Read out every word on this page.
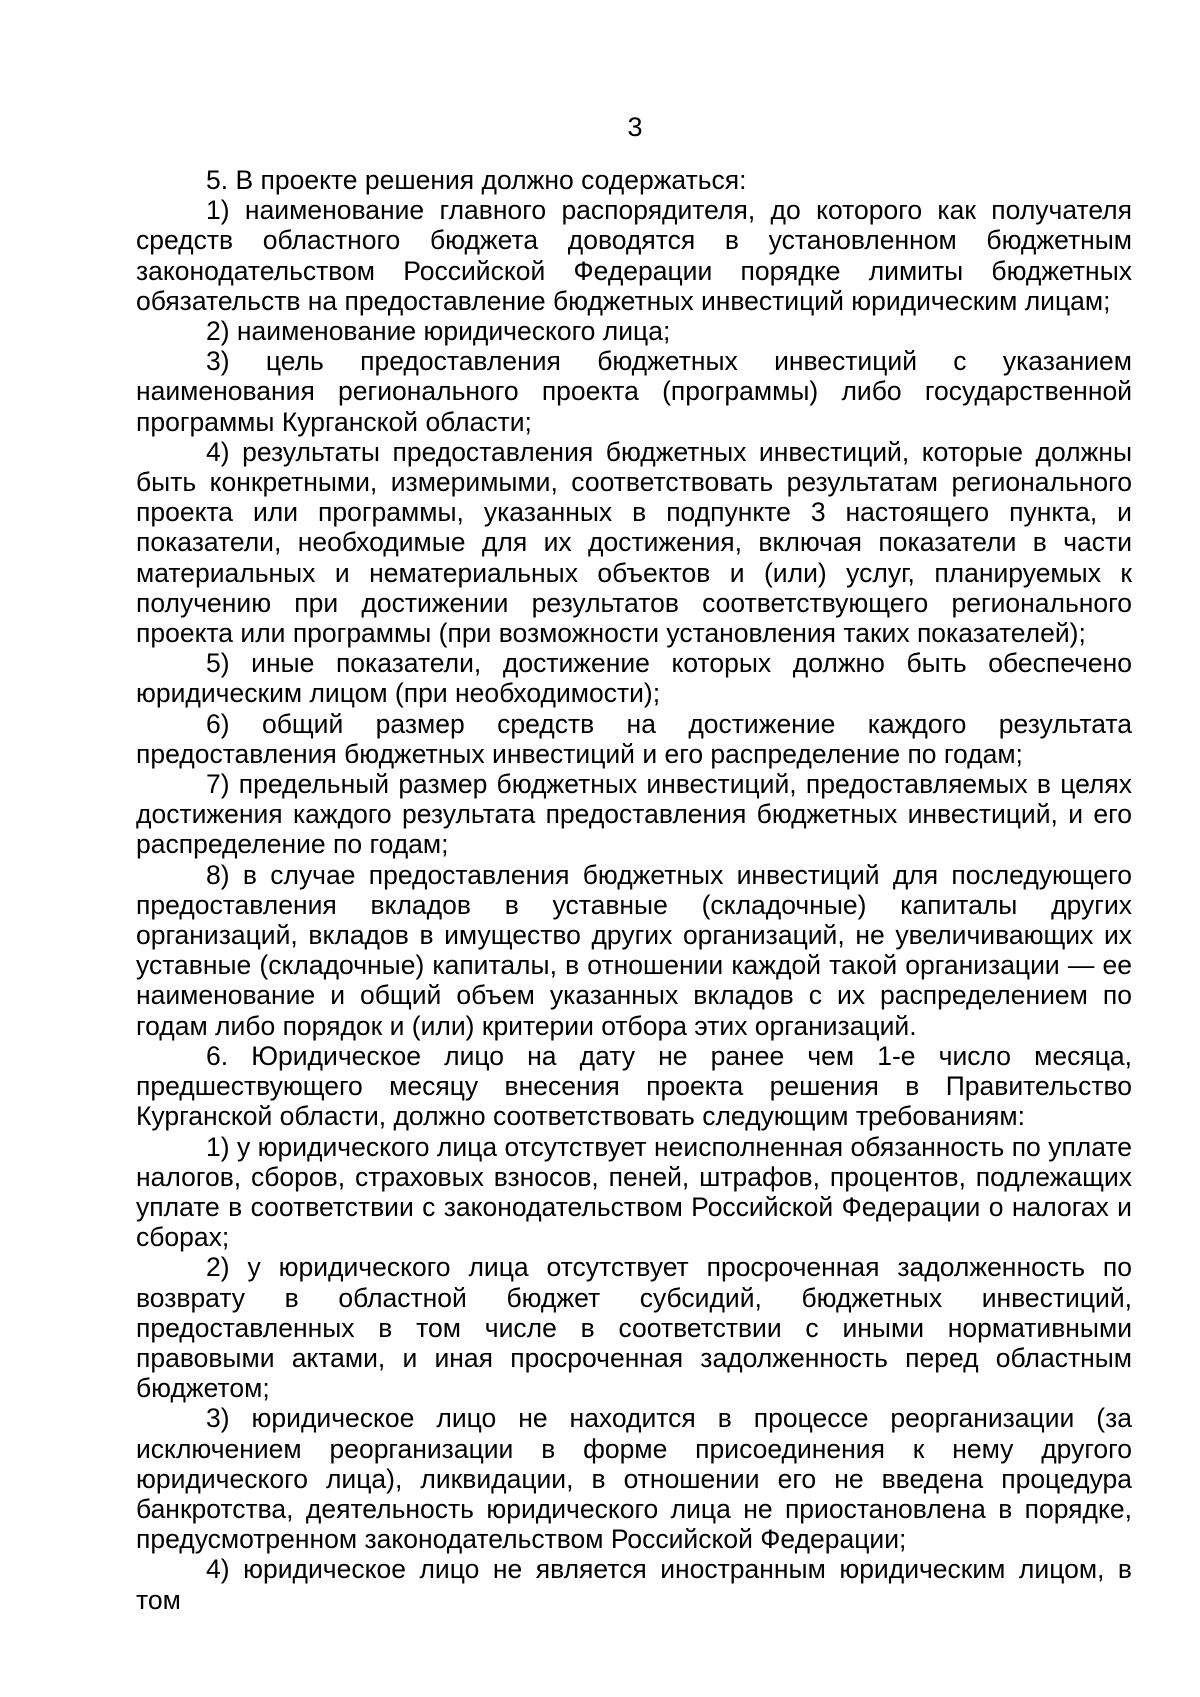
3

5. В проекте решения должно содержаться:

1) наименование главного распорядителя, до которого как получателя средств областного бюджета доводятся в установленном бюджетным законодательством Российской Федерации порядке лимиты бюджетных обязательств на предоставление бюджетных инвестиций юридическим лицам;

2) наименование юридического лица;

3) цель предоставления бюджетных инвестиций с указанием наименования регионального проекта (программы) либо государственной программы Курганской области;

4) результаты предоставления бюджетных инвестиций, которые должны быть конкретными, измеримыми, соответствовать результатам регионального проекта или программы, указанных в подпункте 3 настоящего пункта, и показатели, необходимые для их достижения, включая показатели в части материальных и нематериальных объектов и (или) услуг, планируемых к получению при достижении результатов соответствующего регионального проекта или программы (при возможности установления таких показателей);

5) иные показатели, достижение которых должно быть обеспечено юридическим лицом (при необходимости);

6) общий размер средств на достижение каждого результата предоставления бюджетных инвестиций и его распределение по годам;

7) предельный размер бюджетных инвестиций, предоставляемых в целях достижения каждого результата предоставления бюджетных инвестиций, и его распределение по годам;

8) в случае предоставления бюджетных инвестиций для последующего предоставления вкладов в уставные (складочные) капиталы других организаций, вкладов в имущество других организаций, не увеличивающих их уставные (складочные) капиталы, в отношении каждой такой организации — ее наименование и общий объем указанных вкладов с их распределением по годам либо порядок и (или) критерии отбора этих организаций.

6. Юридическое лицо на дату не ранее чем 1-е число месяца, предшествующего месяцу внесения проекта решения в Правительство Курганской области, должно соответствовать следующим требованиям:

1) у юридического лица отсутствует неисполненная обязанность по уплате налогов, сборов, страховых взносов, пеней, штрафов, процентов, подлежащих уплате в соответствии с законодательством Российской Федерации о налогах и сборах;

2) у юридического лица отсутствует просроченная задолженность по возврату в областной бюджет субсидий, бюджетных инвестиций, предоставленных в том числе в соответствии с иными нормативными правовыми актами, и иная просроченная задолженность перед областным бюджетом;

3) юридическое лицо не находится в процессе реорганизации (за исключением реорганизации в форме присоединения к нему другого юридического лица), ликвидации, в отношении его не введена процедура банкротства, деятельность юридического лица не приостановлена в порядке, предусмотренном законодательством Российской Федерации;

4) юридическое лицо не является иностранным юридическим лицом, в том
